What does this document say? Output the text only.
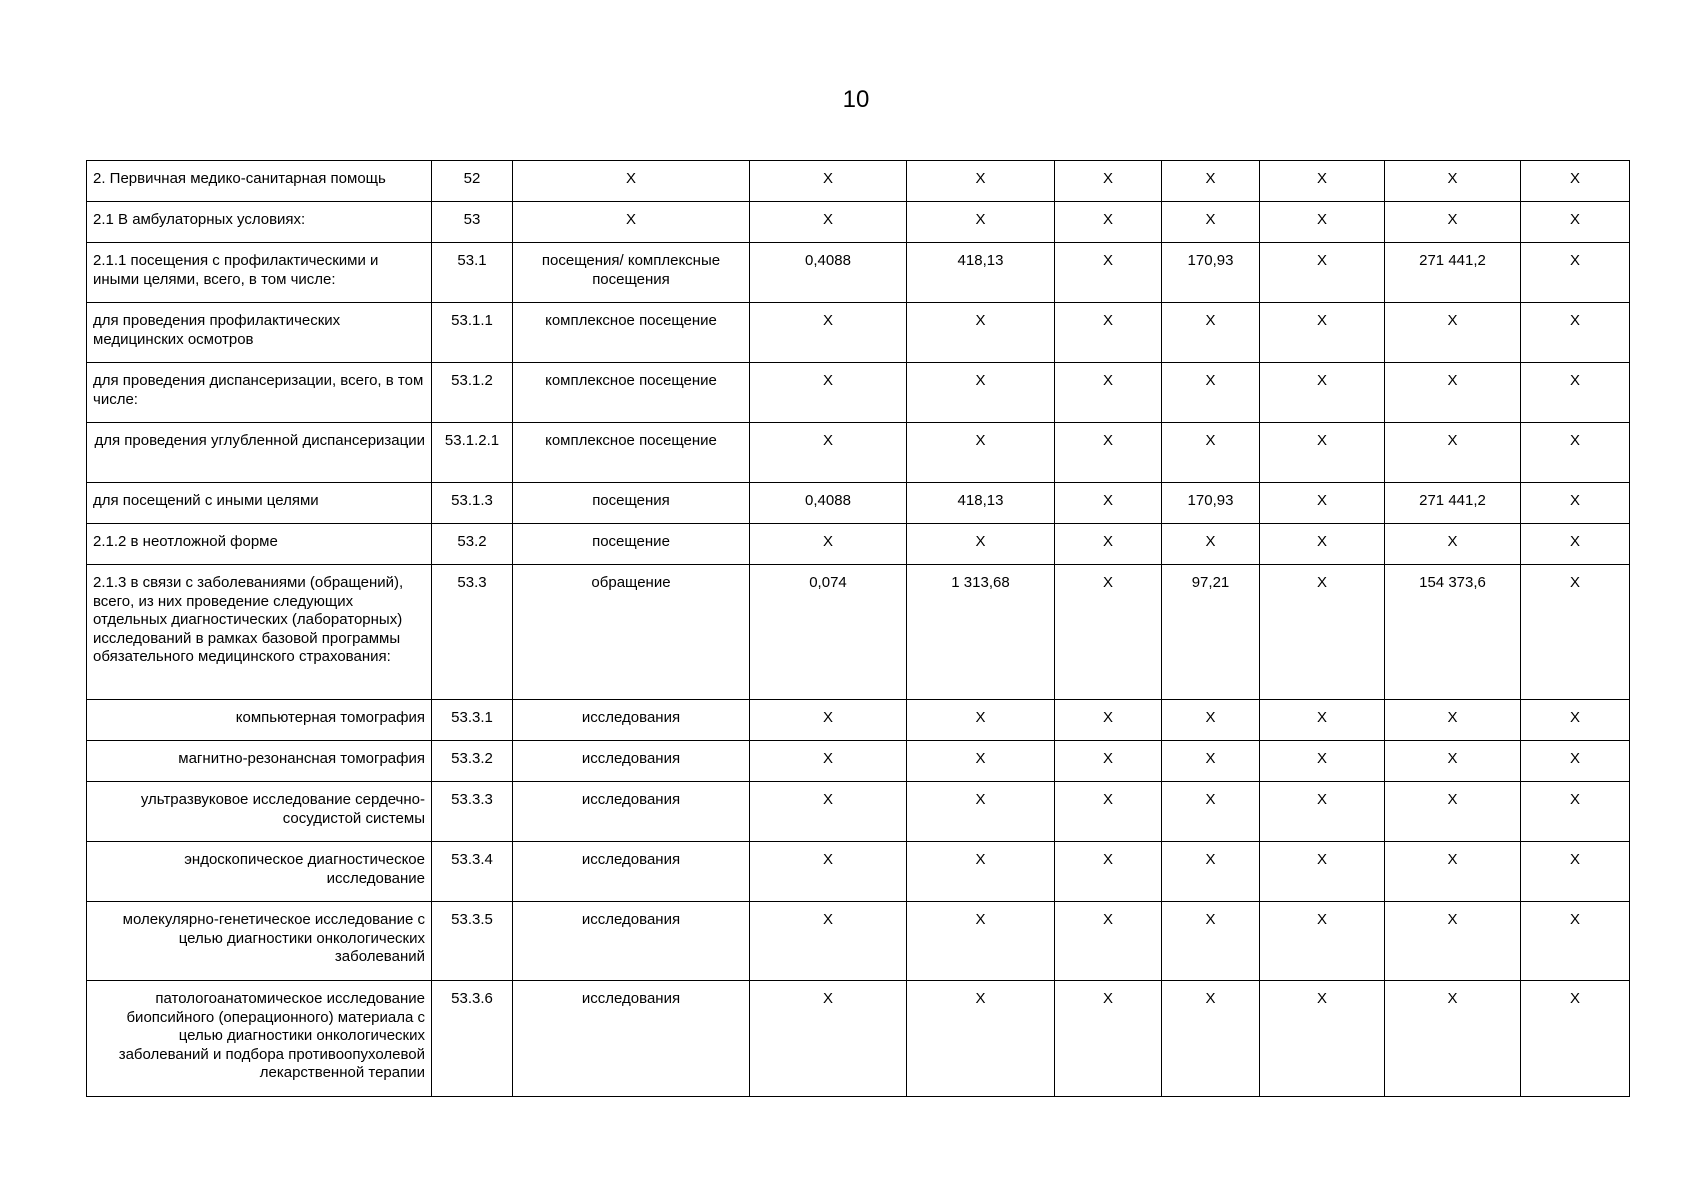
10
2. Первичная медико-санитарная помощь	52	Х	Х	Х	Х	Х	Х	Х	Х
2.1 В амбулаторных условиях:	53	Х	Х	Х	Х	Х	Х	Х	Х
2.1.1 посещения с профилактическими и иными целями, всего, в том числе:	53.1	посещения/ комплексные посещения	0,4088	418,13	Х	170,93	Х	271 441,2	Х
для проведения профилактических медицинских осмотров	53.1.1	комплексное посещение	Х	Х	Х	Х	Х	Х	Х
для проведения диспансеризации, всего, в том числе:	53.1.2	комплексное посещение	Х	Х	Х	Х	Х	Х	Х
для проведения углубленной диспансеризации	53.1.2.1	комплексное посещение	Х	Х	Х	Х	Х	Х	Х
для посещений с иными целями	53.1.3	посещения	0,4088	418,13	Х	170,93	Х	271 441,2	Х
2.1.2 в неотложной форме	53.2	посещение	Х	Х	Х	Х	Х	Х	Х
2.1.3 в связи с заболеваниями (обращений), всего, из них проведение следующих отдельных диагностических (лабораторных) исследований в рамках базовой программы обязательного медицинского страхования:	53.3	обращение	0,074	1 313,68	Х	97,21	Х	154 373,6	Х
компьютерная томография	53.3.1	исследования	Х	Х	Х	Х	Х	Х	Х
магнитно-резонансная томография	53.3.2	исследования	Х	Х	Х	Х	Х	Х	Х
ультразвуковое исследование сердечно-сосудистой системы	53.3.3	исследования	Х	Х	Х	Х	Х	Х	Х
эндоскопическое диагностическое исследование	53.3.4	исследования	Х	Х	Х	Х	Х	Х	Х
молекулярно-генетическое исследование с целью диагностики онкологических заболеваний	53.3.5	исследования	Х	Х	Х	Х	Х	Х	Х
патологоанатомическое исследование биопсийного (операционного) материала с целью диагностики онкологических заболеваний и подбора противоопухолевой лекарственной терапии	53.3.6	исследования	Х	Х	Х	Х	Х	Х	Х
